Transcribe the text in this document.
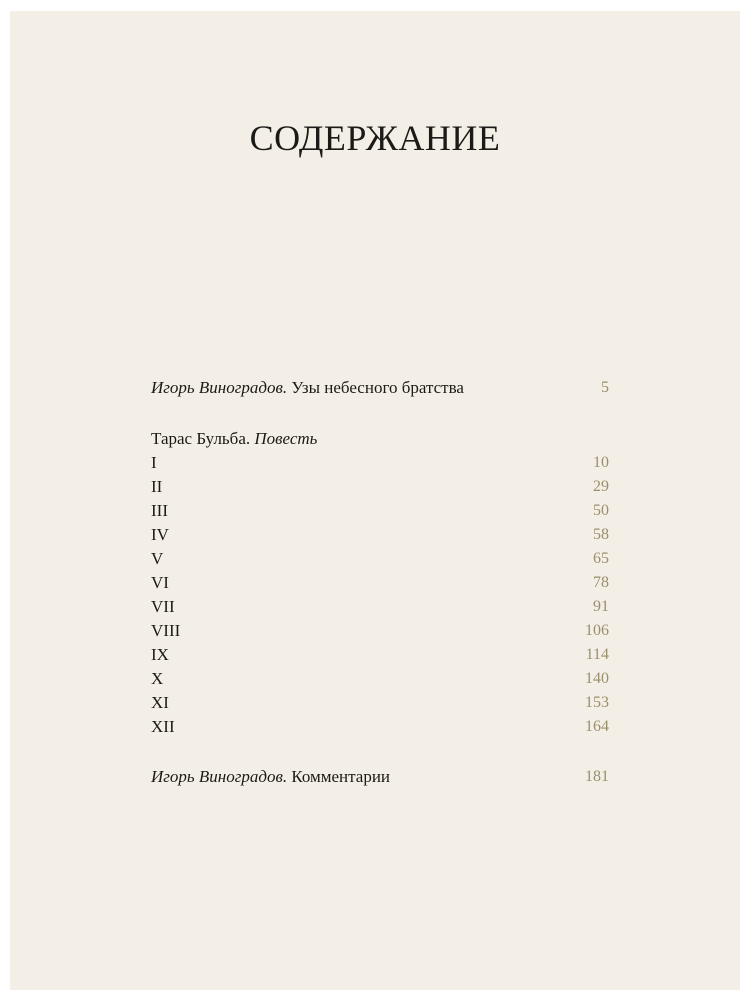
СОДЕРЖАНИЕ
Игорь Виноградов. Узы небесного братства	5
Тарас Бульба. Повесть
I	10
II	29
III	50
IV	58
V	65
VI	78
VII	91
VIII	106
IX	114
X	140
XI	153
XII	164
Игорь Виноградов. Комментарии	181
